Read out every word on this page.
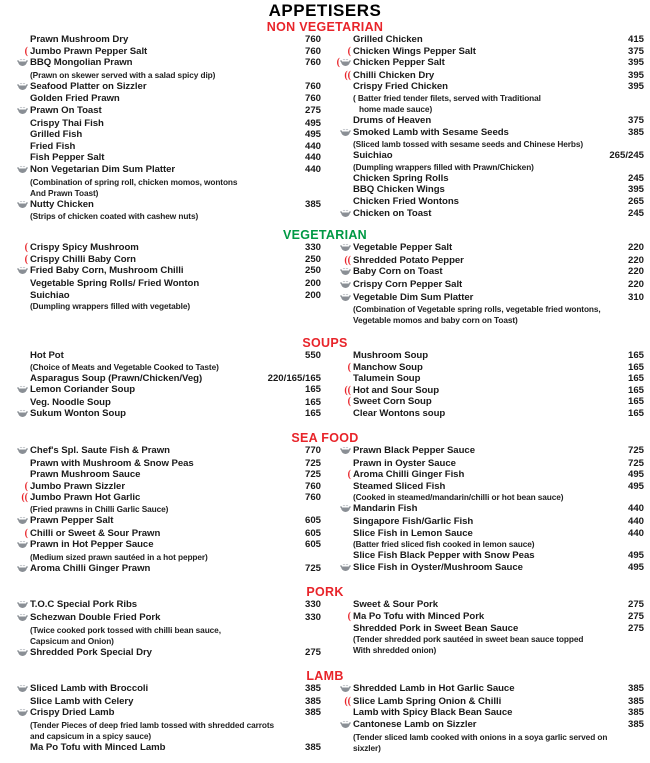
APPETISERS
NON VEGETARIAN
Prawn Mushroom Dry	760
( Jumbo Prawn Pepper Salt	760
BBQ Mongolian Prawn	760
(Prawn on skewer served with a salad spicy dip)
Seafood Platter on Sizzler	760
Golden Fried Prawn	760
Prawn On Toast	275
Crispy Thai Fish	495
Grilled Fish	495
Fried Fish	440
Fish Pepper Salt	440
Non Vegetarian Dim Sum Platter	440
(Combination of spring roll, chicken momos, wontons
And Prawn Toast)
Nutty Chicken	385
(Strips of chicken coated with cashew nuts)
Grilled Chicken	415
( Chicken Wings Pepper Salt	375
(	Chicken Pepper Salt	395
(( Chilli Chicken Dry	395
Crispy Fried Chicken	395
( Batter fried tender filets, served with Traditional
home made sauce)
Drums of Heaven	375
Smoked Lamb with Sesame Seeds	385
(Sliced lamb tossed with sesame seeds and Chinese Herbs)
Suichiao	265/245
(Dumpling wrappers filled with Prawn/Chicken)
Chicken Spring Rolls	245
BBQ Chicken Wings	395
Chicken Fried Wontons	265
Chicken on Toast	245
VEGETARIAN
( Crispy Spicy Mushroom	330
( Crispy Chilli Baby Corn	250
Fried Baby Corn, Mushroom Chilli	250
Vegetable Spring Rolls/ Fried Wonton	200
Suichiao	200
(Dumpling wrappers filled with vegetable)
Vegetable Pepper Salt	220
(( Shredded Potato Pepper	220
Baby Corn on Toast	220
Crispy Corn Pepper Salt	220
Vegetable Dim Sum Platter	310
(Combination of Vegetable spring rolls, vegetable fried wontons,
Vegetable momos and baby corn on Toast)
SOUPS
Hot Pot	550
(Choice of Meats and Vegetable Cooked to Taste)
Asparagus Soup (Prawn/Chicken/Veg)	220/165/165
Lemon Coriander Soup	165
Veg. Noodle Soup	165
Sukum Wonton Soup	165
Mushroom Soup	165
( Manchow Soup	165
Talumein Soup	165
(( Hot and Sour Soup	165
( Sweet Corn Soup	165
Clear Wontons soup	165
SEA FOOD
Chef's Spl. Saute Fish & Prawn	770
Prawn with Mushroom & Snow Peas	725
Prawn Mushroom Sauce	725
( Jumbo Prawn Sizzler	760
(( Jumbo Prawn Hot Garlic	760
(Fried prawns in Chilli Garlic Sauce)
Prawn Pepper Salt	605
( Chilli or Sweet & Sour Prawn	605
Prawn in Hot Pepper Sauce	605
(Medium sized prawn sautéed in a hot pepper)
Aroma Chilli Ginger Prawn	725
Prawn Black Pepper Sauce	725
Prawn in Oyster Sauce	725
( Aroma Chilli Ginger Fish	495
Steamed Sliced Fish	495
(Cooked in steamed/mandarin/chilli or hot bean sauce)
Mandarin Fish	440
Singapore Fish/Garlic Fish	440
Slice Fish in Lemon Sauce	440
(Batter fried sliced fish cooked in lemon sauce)
Slice Fish Black Pepper with Snow Peas	495
Slice Fish in Oyster/Mushroom Sauce	495
PORK
T.O.C Special Pork Ribs	330
Schezwan Double Fried Pork	330
(Twice cooked pork tossed with chilli bean sauce,
Capsicum and Onion)
Shredded Pork Special Dry	275
Sweet & Sour Pork	275
( Ma Po Tofu with Minced Pork	275
Shredded Pork in Sweet Bean Sauce	275
(Tender shredded pork sautéed in sweet bean sauce topped
With shredded onion)
LAMB
Sliced Lamb with Broccoli	385
Slice Lamb with Celery	385
Crispy Dried Lamb	385
(Tender Pieces of deep fried lamb tossed with shredded carrots
and capsicum in a spicy sauce)
Ma Po Tofu with Minced Lamb	385
Shredded Lamb in Hot Garlic Sauce	385
(( Slice Lamb Spring Onion & Chilli	385
Lamb with Spicy Black Bean Sauce	385
Cantonese Lamb on Sizzler	385
(Tender sliced lamb cooked with onions in a soya garlic served on
sixzler)
